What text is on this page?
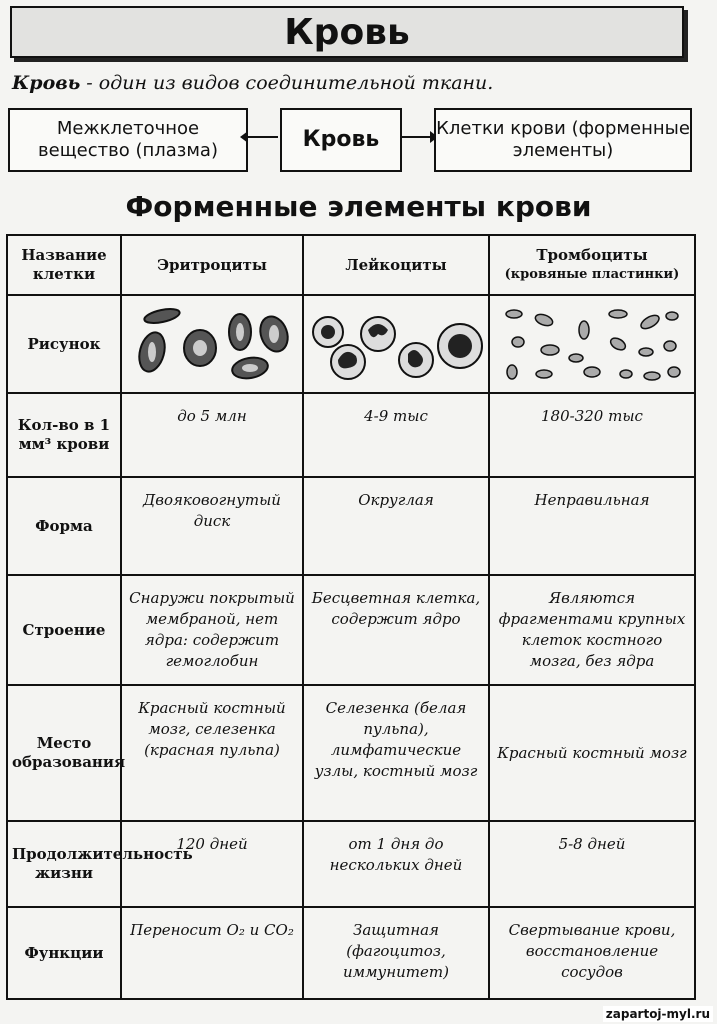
Кровь
Кровь - один из видов соединительной ткани.
Межклеточное вещество (плазма)	Кровь	Клетки крови (форменные элементы)
Форменные элементы крови
Название клетки	Эритроциты	Лейкоциты	Тромбоциты
(кровяные пластинки)

Рисунок	

Кол-во в 1 мм³ крови	до 5 млн	4-9 тыс	180-320 тыс
Форма	Двояковогнутый диск	Округлая	Неправильная
Строение	Снаружи покрытый мембраной, нет ядра: содержит гемоглобин	Бесцветная клетка, содержит ядро	Являются фрагментами крупных клеток костного мозга, без ядра
Место образования	Красный костный мозг, селезенка (красная пульпа)	Селезенка (белая пульпа), лимфатические узлы, костный мозг	Красный костный мозг
Продолжительность жизни	120 дней	от 1 дня до нескольких дней	5-8 дней
Функции	Переносит O₂ и CO₂	Защитная (фагоцитоз, иммунитет)	Свертывание крови, восстановление сосудов
zapartoj-myl.ru
